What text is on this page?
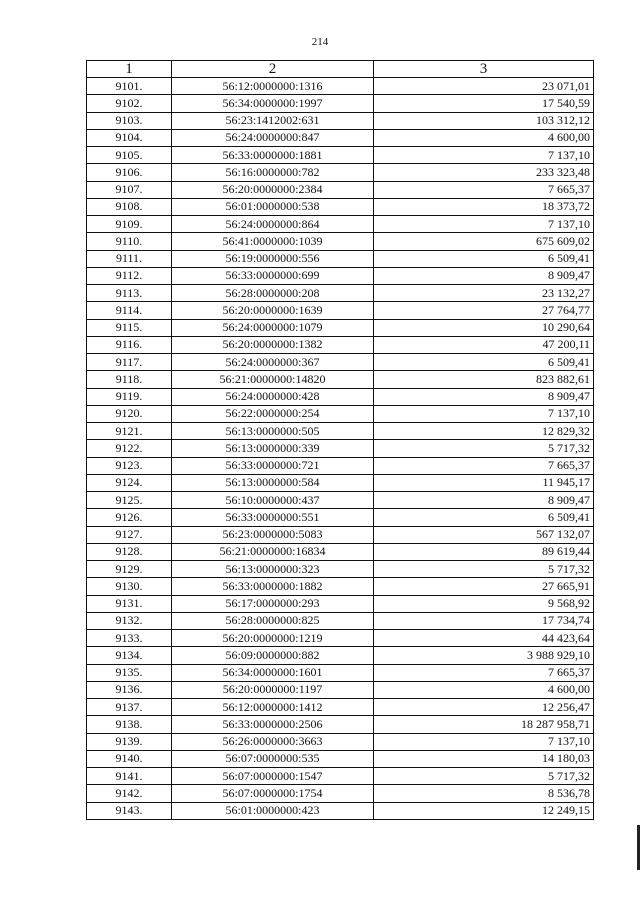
214
1	2	3
9101.	56:12:0000000:1316	23 071,01
9102.	56:34:0000000:1997	17 540,59
9103.	56:23:1412002:631	103 312,12
9104.	56:24:0000000:847	4 600,00
9105.	56:33:0000000:1881	7 137,10
9106.	56:16:0000000:782	233 323,48
9107.	56:20:0000000:2384	7 665,37
9108.	56:01:0000000:538	18 373,72
9109.	56:24:0000000:864	7 137,10
9110.	56:41:0000000:1039	675 609,02
9111.	56:19:0000000:556	6 509,41
9112.	56:33:0000000:699	8 909,47
9113.	56:28:0000000:208	23 132,27
9114.	56:20:0000000:1639	27 764,77
9115.	56:24:0000000:1079	10 290,64
9116.	56:20:0000000:1382	47 200,11
9117.	56:24:0000000:367	6 509,41
9118.	56:21:0000000:14820	823 882,61
9119.	56:24:0000000:428	8 909,47
9120.	56:22:0000000:254	7 137,10
9121.	56:13:0000000:505	12 829,32
9122.	56:13:0000000:339	5 717,32
9123.	56:33:0000000:721	7 665,37
9124.	56:13:0000000:584	11 945,17
9125.	56:10:0000000:437	8 909,47
9126.	56:33:0000000:551	6 509,41
9127.	56:23:0000000:5083	567 132,07
9128.	56:21:0000000:16834	89 619,44
9129.	56:13:0000000:323	5 717,32
9130.	56:33:0000000:1882	27 665,91
9131.	56:17:0000000:293	9 568,92
9132.	56:28:0000000:825	17 734,74
9133.	56:20:0000000:1219	44 423,64
9134.	56:09:0000000:882	3 988 929,10
9135.	56:34:0000000:1601	7 665,37
9136.	56:20:0000000:1197	4 600,00
9137.	56:12:0000000:1412	12 256,47
9138.	56:33:0000000:2506	18 287 958,71
9139.	56:26:0000000:3663	7 137,10
9140.	56:07:0000000:535	14 180,03
9141.	56:07:0000000:1547	5 717,32
9142.	56:07:0000000:1754	8 536,78
9143.	56:01:0000000:423	12 249,15
